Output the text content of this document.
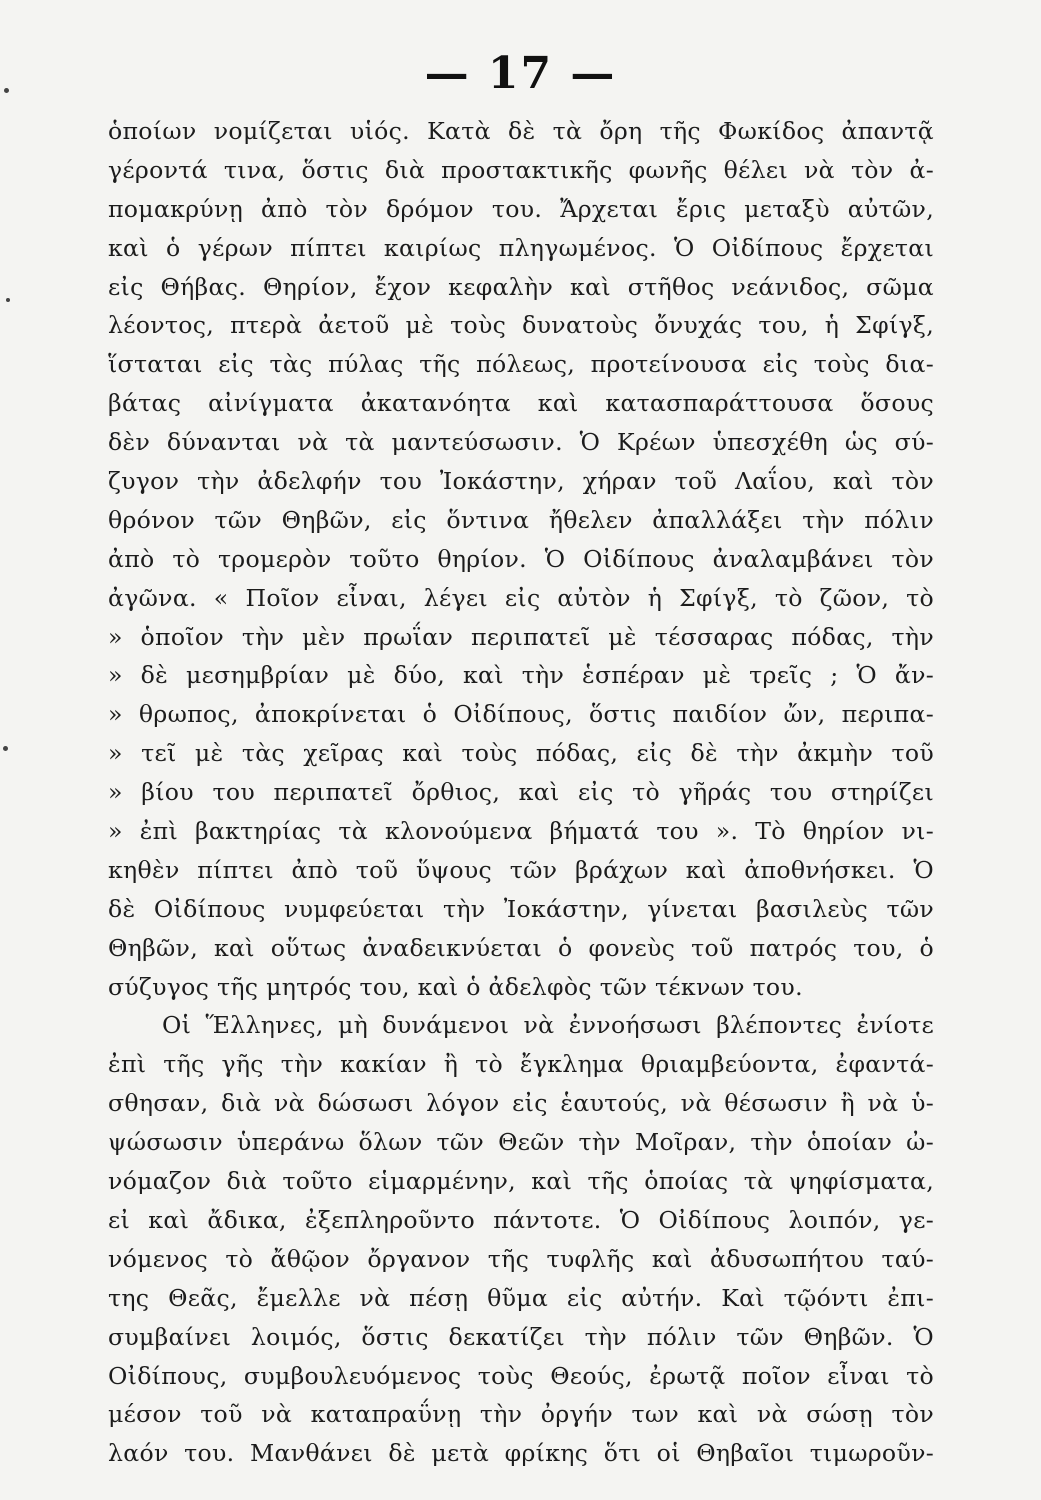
— 17 —
ὁποίων νομίζεται υἱός. Κατὰ δὲ τὰ ὄρη τῆς Φωκίδος ἀπαντᾷ
γέροντά τινα, ὅστις διὰ προστακτικῆς φωνῆς θέλει νὰ τὸν ἀ-
πομακρύνῃ ἀπὸ τὸν δρόμον του. Ἄρχεται ἔρις μεταξὺ αὐτῶν,
καὶ ὁ γέρων πίπτει καιρίως πληγωμένος. Ὁ Οἰδίπους ἔρχεται
εἰς Θήβας. Θηρίον, ἔχον κεφαλὴν καὶ στῆθος νεάνιδος, σῶμα
λέοντος, πτερὰ ἀετοῦ μὲ τοὺς δυνατοὺς ὄνυχάς του, ἡ Σφίγξ,
ἵσταται εἰς τὰς πύλας τῆς πόλεως, προτείνουσα εἰς τοὺς δια-
βάτας αἰνίγματα ἀκατανόητα καὶ κατασπαράττουσα ὅσους
δὲν δύνανται νὰ τὰ μαντεύσωσιν. Ὁ Κρέων ὑπεσχέθη ὡς σύ-
ζυγον τὴν ἀδελφήν του Ἰοκάστην, χήραν τοῦ Λαΐου, καὶ τὸν
θρόνον τῶν Θηβῶν, εἰς ὅντινα ἤθελεν ἀπαλλάξει τὴν πόλιν
ἀπὸ τὸ τρομερὸν τοῦτο θηρίον. Ὁ Οἰδίπους ἀναλαμβάνει τὸν
ἀγῶνα. « Ποῖον εἶναι, λέγει εἰς αὐτὸν ἡ Σφίγξ, τὸ ζῶον, τὸ
» ὁποῖον τὴν μὲν πρωΐαν περιπατεῖ μὲ τέσσαρας πόδας, τὴν
» δὲ μεσημβρίαν μὲ δύο, καὶ τὴν ἑσπέραν μὲ τρεῖς ; Ὁ ἄν-
» θρωπος, ἀποκρίνεται ὁ Οἰδίπους, ὅστις παιδίον ὤν, περιπα-
» τεῖ μὲ τὰς χεῖρας καὶ τοὺς πόδας, εἰς δὲ τὴν ἀκμὴν τοῦ
» βίου του περιπατεῖ ὄρθιος, καὶ εἰς τὸ γῆράς του στηρίζει
» ἐπὶ βακτηρίας τὰ κλονούμενα βήματά του ». Τὸ θηρίον νι-
κηθὲν πίπτει ἀπὸ τοῦ ὕψους τῶν βράχων καὶ ἀποθνήσκει. Ὁ
δὲ Οἰδίπους νυμφεύεται τὴν Ἰοκάστην, γίνεται βασιλεὺς τῶν
Θηβῶν, καὶ οὕτως ἀναδεικνύεται ὁ φονεὺς τοῦ πατρός του, ὁ
σύζυγος τῆς μητρός του, καὶ ὁ ἀδελφὸς τῶν τέκνων του.
Οἱ Ἕλληνες, μὴ δυνάμενοι νὰ ἐννοήσωσι βλέποντες ἐνίοτε
ἐπὶ τῆς γῆς τὴν κακίαν ἢ τὸ ἔγκλημα θριαμβεύοντα, ἐφαντά-
σθησαν, διὰ νὰ δώσωσι λόγον εἰς ἑαυτούς, νὰ θέσωσιν ἢ νὰ ὑ-
ψώσωσιν ὑπεράνω ὅλων τῶν Θεῶν τὴν Μοῖραν, τὴν ὁποίαν ὠ-
νόμαζον διὰ τοῦτο εἱμαρμένην, καὶ τῆς ὁποίας τὰ ψηφίσματα,
εἰ καὶ ἄδικα, ἐξεπληροῦντο πάντοτε. Ὁ Οἰδίπους λοιπόν, γε-
νόμενος τὸ ἄθῷον ὄργανον τῆς τυφλῆς καὶ ἀδυσωπήτου ταύ-
της Θεᾶς, ἔμελλε νὰ πέσῃ θῦμα εἰς αὐτήν. Καὶ τῷόντι ἐπι-
συμβαίνει λοιμός, ὅστις δεκατίζει τὴν πόλιν τῶν Θηβῶν. Ὁ
Οἰδίπους, συμβουλευόμενος τοὺς Θεούς, ἐρωτᾷ ποῖον εἶναι τὸ
μέσον τοῦ νὰ καταπραΰνῃ τὴν ὀργήν των καὶ νὰ σώσῃ τὸν
λαόν του. Μανθάνει δὲ μετὰ φρίκης ὅτι οἱ Θηβαῖοι τιμωροῦν-
